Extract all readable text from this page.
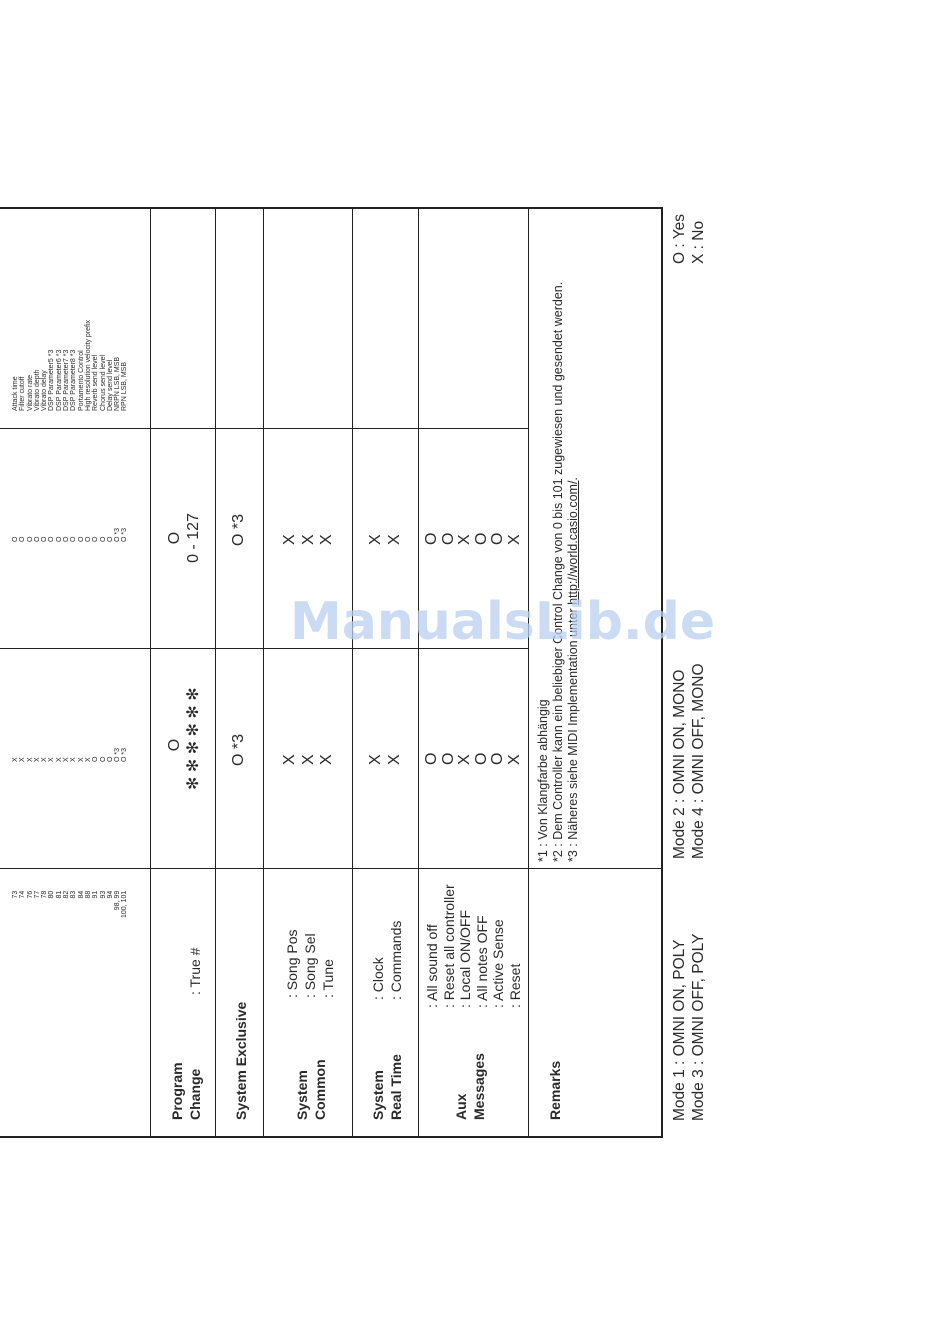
73 74 76 77 78 80 81 82 83 84 88 91 93 94 98, 99 100, 101
X X X X X X X X X X X O O O O *3 O *3
O O O O O O O O O O O O O O O *3 O *3
Attack time Filter cutoff Vibrato rate Vibrato depth Vibrato delay DSP Parameter5 *3 DSP Parameter6 *3 DSP Parameter7 *3 DSP Parameter8 *3 Portamento Control High resolution velocity prefix Reverb send level Chorus send level Delay send level NRPN LSB, MSB RPN LSB, MSB
Program Change
: True #
O ✻ ✻ ✻ ✻ ✻ ✻
O 0 - 127
System Exclusive
O *3
O *3
System Common
: Song Pos : Song Sel : Tune
X X X
X X X
System Real Time
: Clock : Commands
X X
X X
Aux Messages
: All sound off : Reset all controller : Local ON/OFF : All notes OFF : Active Sense : Reset
O O X O O X
O O X O O X
Remarks
*1 : Von Klangfarbe abhängig *2 : Dem Controller kann ein beliebiger Control Change von 0 bis 101 zugewiesen und gesendet werden. *3 : Näheres siehe MIDI Implementation unter http://world.casio.com/.
Mode 1 : OMNI ON, POLY Mode 3 : OMNI OFF, POLY
Mode 2 : OMNI ON, MONO Mode 4 : OMNI OFF, MONO
O : Yes X : No
ManualsLib.de
